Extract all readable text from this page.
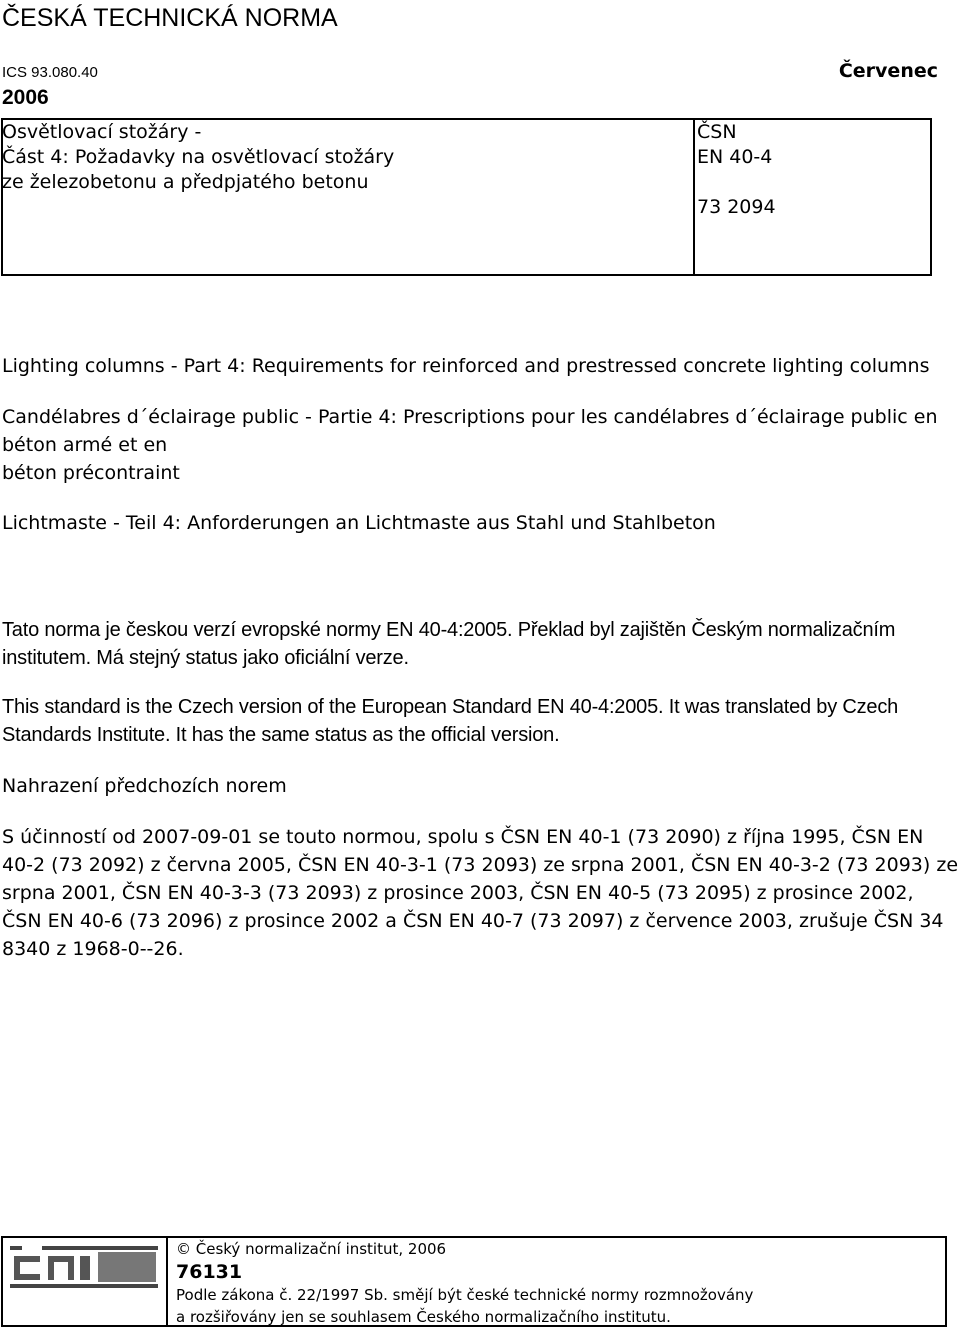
ČESKÁ TECHNICKÁ NORMA
ICS 93.080.40	Červenec
2006
Osvětlovací stožáry -
Část 4: Požadavky na osvětlovací stožáry
ze železobetonu a předpjatého betonu
ČSN
EN 40-4
73 2094
Lighting columns - Part 4: Requirements for reinforced and prestressed concrete lighting columns
Candélabres d´éclairage public - Partie 4: Prescriptions pour les candélabres d´éclairage public en
béton armé et en
béton précontraint
Lichtmaste - Teil 4: Anforderungen an Lichtmaste aus Stahl und Stahlbeton
Tato norma je českou verzí evropské normy EN 40-4:2005. Překlad byl zajištěn Českým normalizačním institutem. Má stejný status jako oficiální verze.
This standard is the Czech version of the European Standard EN 40-4:2005. It was translated by Czech Standards Institute. It has the same status as the official version.
Nahrazení předchozích norem
S účinností od 2007-09-01 se touto normou, spolu s ČSN EN 40-1 (73 2090) z října 1995, ČSN EN 40-2 (73 2092) z června 2005, ČSN EN 40-3-1 (73 2093) ze srpna 2001, ČSN EN 40-3-2 (73 2093) ze srpna 2001, ČSN EN 40-3-3 (73 2093) z prosince 2003, ČSN EN 40-5 (73 2095) z prosince 2002, ČSN EN 40-6 (73 2096) z prosince 2002 a ČSN EN 40-7 (73 2097) z července 2003, zrušuje ČSN 34 8340 z 1968-0--26.
© Český normalizační institut, 2006
76131
Podle zákona č. 22/1997 Sb. smějí být české technické normy rozmnožovány
a rozšiřovány jen se souhlasem Českého normalizačního institutu.
